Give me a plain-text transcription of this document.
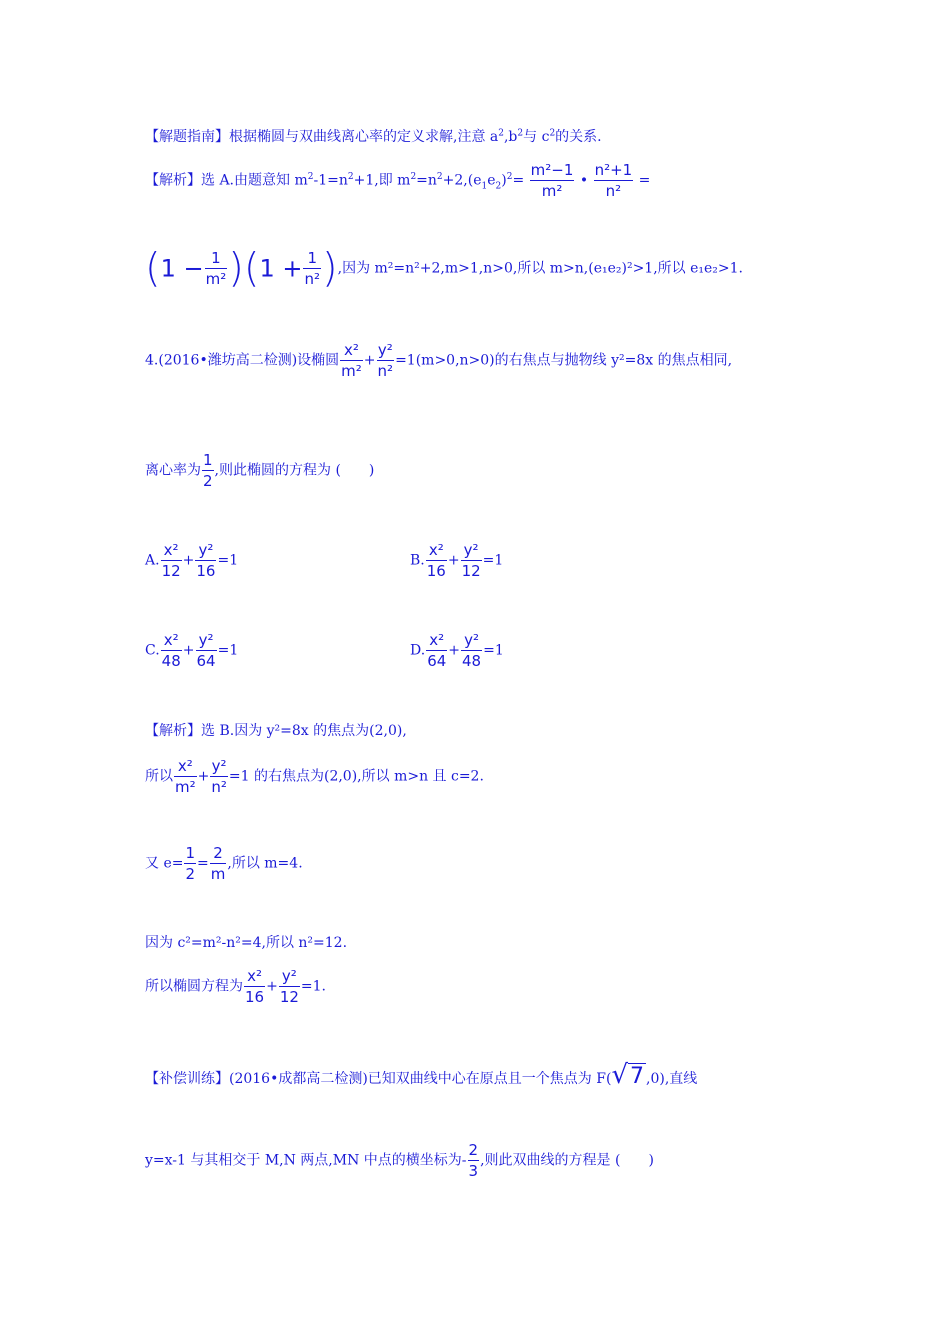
【解题指南】根据椭圆与双曲线离心率的定义求解,注意 $a^2,b^2$与 $c^2$的关系.
【解析】选 A.由题意知 $m^2-1=n^2+1$,即 $m^2=n^2+2,(e_1e_2)^2= \frac{\text{m²−1}}{\text{m²}}$ • $\frac{\text{n²+1}}{\text{n²}}$ =
$(1 - \frac{1}{\text{m²}} )(1 + \frac{1}{\text{n²}}$ ),因为 m²=n²+2,m>1,n>0,所以 m>n,(e₁e₂)²>1,所以 e₁e₂>1.
4.(2016•潍坊高二检测)设椭圆 $\frac{\text{x²}}{\text{m²}} + \frac{\text{y²}}{\text{n²}} =1(m>0,n>0)$的右焦点与抛物线 y²=8x 的焦点相同,
离心率为 $\frac{1}{2}$ ,则此椭圆的方程为 (　　)
A. $\frac{\text{x²}}{12} + \frac{\text{y²}}{16} =1$	B. $\frac{\text{x²}}{16} + \frac{\text{y²}}{12} =1$
C. $\frac{\text{x²}}{48} + \frac{\text{y²}}{64} =1$	D. $\frac{\text{x²}}{64} + \frac{\text{y²}}{48} =1$
【解析】选 B.因为 y²=8x 的焦点为(2,0),
所以 $\frac{\text{x²}}{\text{m²}} + \frac{\text{y²}}{\text{n²}} =1$ 的右焦点为(2,0),所以 m>n 且 c=2.
又 $e= \frac{1}{2} = \frac{2}{m}$ ,所以 m=4.
因为 c²=m²-n²=4,所以 n²=12.
所以椭圆方程为 $\frac{\text{x²}}{16} + \frac{\text{y²}}{12} =1$.
【补偿训练】(2016•成都高二检测)已知双曲线中心在原点且一个焦点为 F(√7 ,0),直线
y=x-1 与其相交于 M,N 两点,MN 中点的横坐标为- $\frac{2}{3}$ ,则此双曲线的方程是 (　　)
